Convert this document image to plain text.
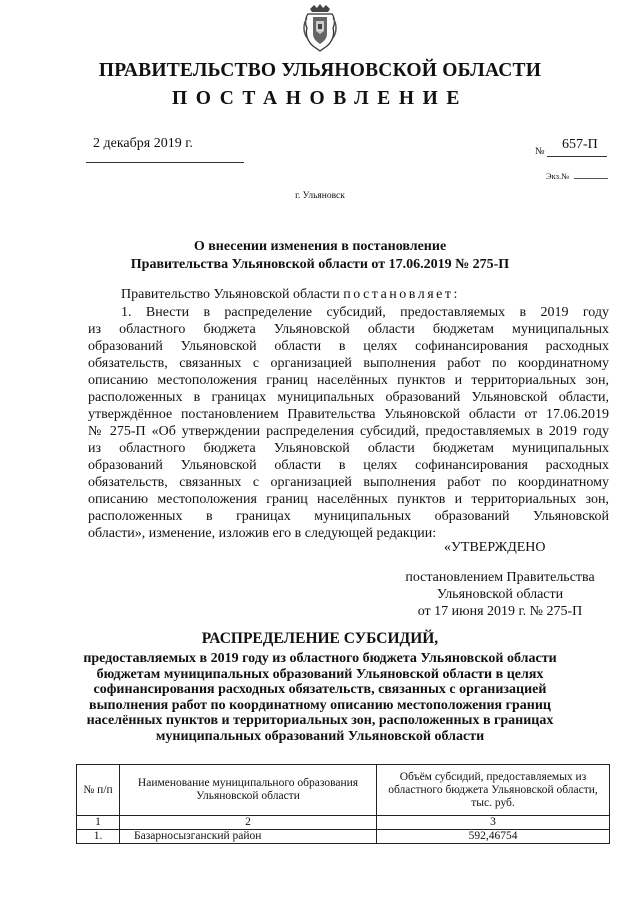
ПРАВИТЕЛЬСТВО УЛЬЯНОВСКОЙ ОБЛАСТИ
ПОСТАНОВЛЕНИЕ
2 декабря 2019 г.
№ 657-П
Экз.№
г. Ульяновск
О внесении изменения в постановление
Правительства Ульяновской области от 17.06.2019 № 275-П
Правительство Ульяновской области постановляет:
1. Внести в распределение субсидий, предоставляемых в 2019 году
из областного бюджета Ульяновской области бюджетам муниципальных
образований Ульяновской области в целях софинансирования расходных
обязательств, связанных с организацией выполнения работ по координатному
описанию местоположения границ населённых пунктов и территориальных зон,
расположенных в границах муниципальных образований Ульяновской области,
утверждённое постановлением Правительства Ульяновской области от 17.06.2019
№ 275-П «Об утверждении распределения субсидий, предоставляемых в 2019 году
из областного бюджета Ульяновской области бюджетам муниципальных
образований Ульяновской области в целях софинансирования расходных
обязательств, связанных с организацией выполнения работ по координатному
описанию местоположения границ населённых пунктов и территориальных зон,
расположенных в границах муниципальных образований Ульяновской
области», изменение, изложив его в следующей редакции:
«УТВЕРЖДЕНО
постановлением Правительства
Ульяновской области
от 17 июня 2019 г. № 275-П
РАСПРЕДЕЛЕНИЕ СУБСИДИЙ,
предоставляемых в 2019 году из областного бюджета Ульяновской области
бюджетам муниципальных образований Ульяновской области в целях
софинансирования расходных обязательств, связанных с организацией
выполнения работ по координатному описанию местоположения границ
населённых пунктов и территориальных зон, расположенных в границах
муниципальных образований Ульяновской области
№ п/п	Наименование муниципального образования Ульяновской области	Объём субсидий, предоставляемых из областного бюджета Ульяновской области, тыс. руб.
1	2	3
1.	Базарносызганский район	592,46754
